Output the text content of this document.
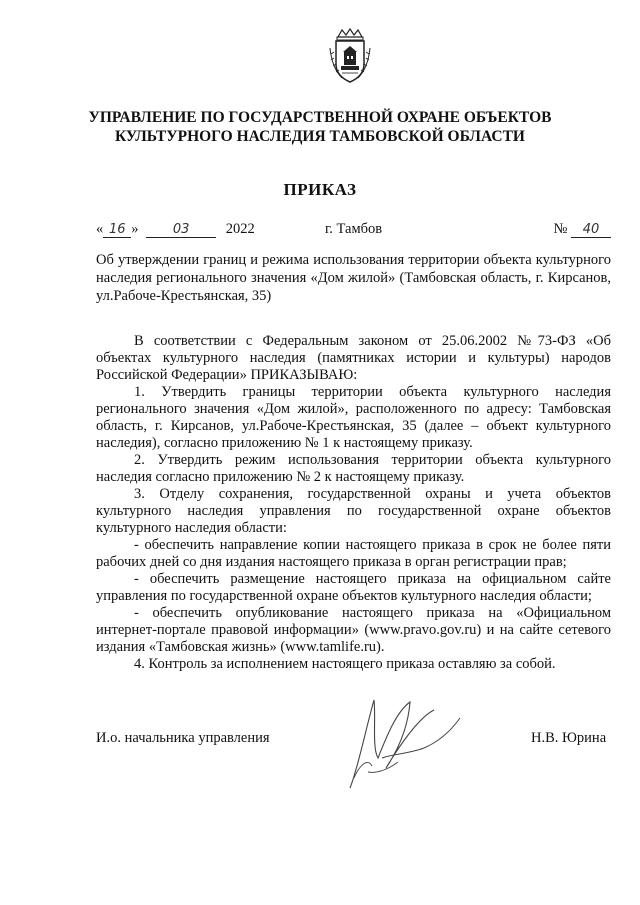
УПРАВЛЕНИЕ ПО ГОСУДАРСТВЕННОЙ ОХРАНЕ ОБЪЕКТОВ
КУЛЬТУРНОГО НАСЛЕДИЯ ТАМБОВСКОЙ ОБЛАСТИ
ПРИКАЗ
« 16 »	03	2022	г. Тамбов	№ 40
Об утверждении границ и режима использования территории объекта культурного наследия регионального значения «Дом жилой» (Тамбовская область, г. Кирсанов, ул.Рабоче-Крестьянская, 35)

В соответствии с Федеральным законом от 25.06.2002 №73-ФЗ «Об объектах культурного наследия (памятниках истории и культуры) народов Российской Федерации» ПРИКАЗЫВАЮ:

1. Утвердить границы территории объекта культурного наследия регионального значения «Дом жилой», расположенного по адресу: Тамбовская область, г. Кирсанов, ул.Рабоче-Крестьянская, 35 (далее – объект культурного наследия), согласно приложению № 1 к настоящему приказу.

2. Утвердить режим использования территории объекта культурного наследия согласно приложению № 2 к настоящему приказу.

3. Отделу сохранения, государственной охраны и учета объектов культурного наследия управления по государственной охране объектов культурного наследия области:

- обеспечить направление копии настоящего приказа в срок не более пяти рабочих дней со дня издания настоящего приказа в орган регистрации прав;

- обеспечить размещение настоящего приказа на официальном сайте управления по государственной охране объектов культурного наследия области;

- обеспечить опубликование настоящего приказа на «Официальном интернет-портале правовой информации» (www.pravo.gov.ru) и на сайте сетевого издания «Тамбовская жизнь» (www.tamlife.ru).

4. Контроль за исполнением настоящего приказа оставляю за собой.

И.о. начальника управления	Н.В. Юрина
